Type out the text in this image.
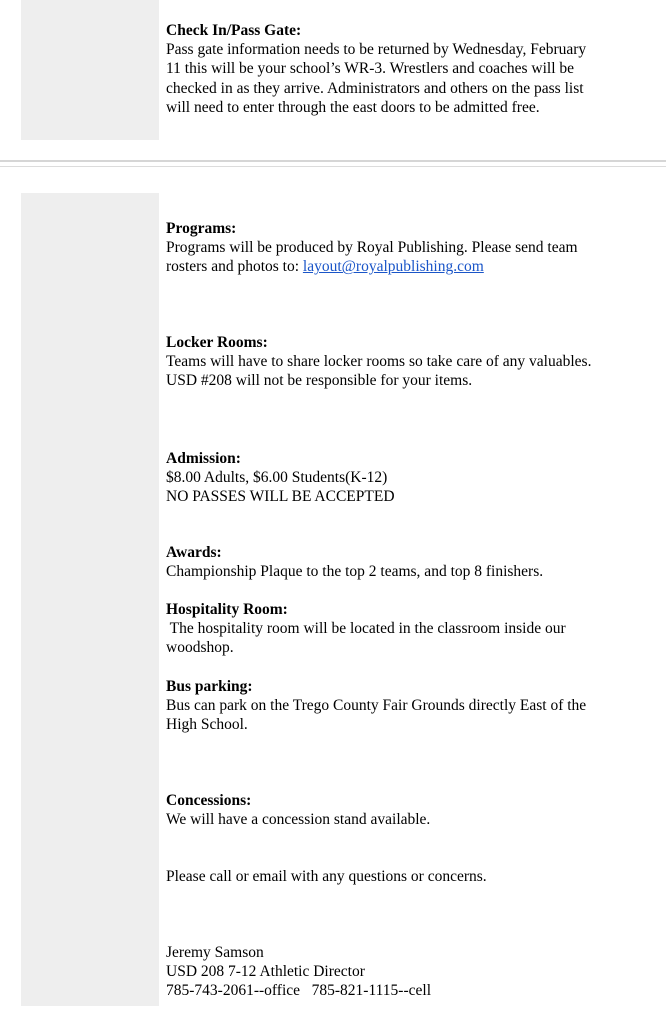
Check In/Pass Gate:
Pass gate information needs to be returned by Wednesday, February
11 this will be your school’s WR-3. Wrestlers and coaches will be
checked in as they arrive. Administrators and others on the pass list
will need to enter through the east doors to be admitted free.
Programs:
Programs will be produced by Royal Publishing. Please send team
rosters and photos to: layout@royalpublishing.com
Locker Rooms:
Teams will have to share locker rooms so take care of any valuables.
USD #208 will not be responsible for your items.
Admission:
$8.00 Adults, $6.00 Students(K-12)
NO PASSES WILL BE ACCEPTED
Awards:
Championship Plaque to the top 2 teams, and top 8 finishers.
Hospitality Room:
The hospitality room will be located in the classroom inside our
woodshop.
Bus parking:
Bus can park on the Trego County Fair Grounds directly East of the
High School.
Concessions:
We will have a concession stand available.
Please call or email with any questions or concerns.
Jeremy Samson
USD 208 7-12 Athletic Director
785-743-2061--office   785-821-1115--cell
